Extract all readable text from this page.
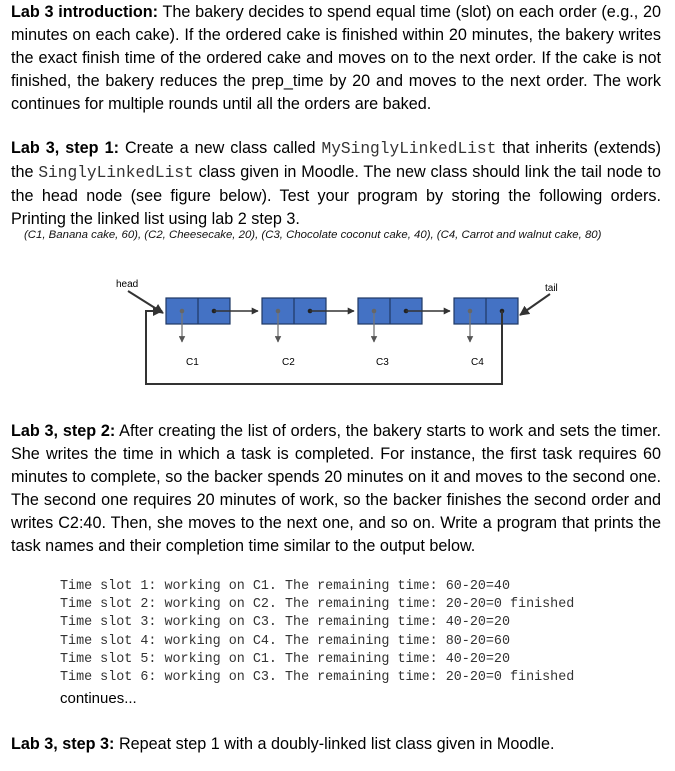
Lab 3 introduction: The bakery decides to spend equal time (slot) on each order (e.g., 20 minutes on each cake). If the ordered cake is finished within 20 minutes, the bakery writes the exact finish time of the ordered cake and moves on to the next order. If the cake is not finished, the bakery reduces the prep_time by 20 and moves to the next order. The work continues for multiple rounds until all the orders are baked.

Lab 3, step 1: Create a new class called MySinglyLinkedList that inherits (extends) the SinglyLinkedList class given in Moodle. The new class should link the tail node to the head node (see figure below). Test your program by storing the following orders. Printing the linked list using lab 2 step 3.

(C1, Banana cake, 60), (C2, Cheesecake, 20), (C3, Chocolate coconut cake, 40), (C4, Carrot and walnut cake, 80)
head	tail
C1	C2	C3	C4

Lab 3, step 2: After creating the list of orders, the bakery starts to work and sets the timer. She writes the time in which a task is completed. For instance, the first task requires 60 minutes to complete, so the backer spends 20 minutes on it and moves to the second one. The second one requires 20 minutes of work, so the backer finishes the second order and writes C2:40. Then, she moves to the next one, and so on. Write a program that prints the task names and their completion time similar to the output below.

Time slot 1: working on C1. The remaining time: 60-20=40
Time slot 2: working on C2. The remaining time: 20-20=0 finished
Time slot 3: working on C3. The remaining time: 40-20=20
Time slot 4: working on C4. The remaining time: 80-20=60
Time slot 5: working on C1. The remaining time: 40-20=20
Time slot 6: working on C3. The remaining time: 20-20=0 finished
continues...

Lab 3, step 3: Repeat step 1 with a doubly-linked list class given in Moodle.
